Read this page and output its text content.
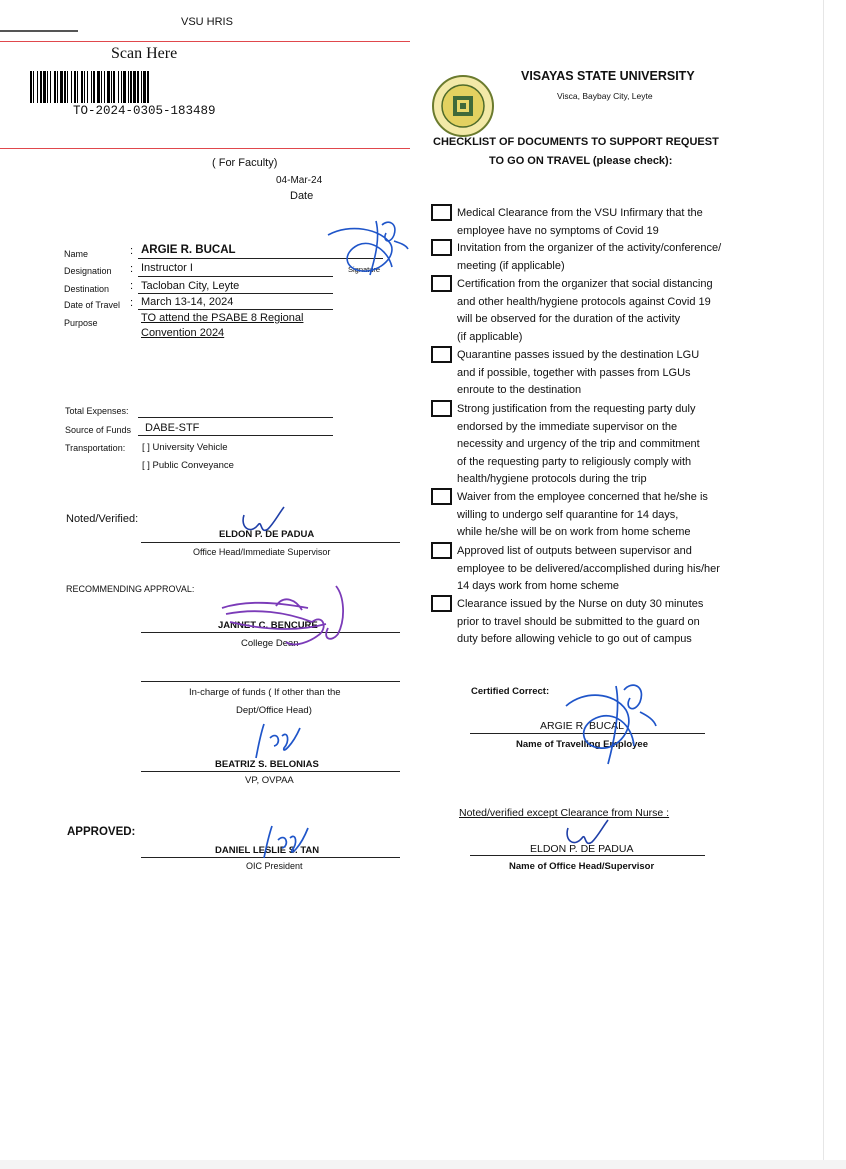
VSU HRIS
Scan Here
TO-2024-0305-183489
VISAYAS STATE UNIVERSITY
Visca, Baybay City, Leyte
CHECKLIST OF DOCUMENTS TO SUPPORT REQUEST
TO GO ON TRAVEL (please check):
( For Faculty)
04-Mar-24
Date
Name
Designation
Destination
Date of Travel
Purpose
:
:
:
:
ARGIE R. BUCAL
Instructor I
Tacloban City, Leyte
March 13-14, 2024
TO attend the PSABE 8 Regional
Convention 2024
Signature
Total Expenses:
Source of Funds DABE-STF
Transportation: [ ] University Vehicle
[ ] Public Conveyance
Noted/Verified:
ELDON P. DE PADUA
Office Head/Immediate Supervisor
RECOMMENDING APPROVAL:
JANNET C. BENCURE
College Dean
In-charge of funds ( If other than the
Dept/Office Head)
BEATRIZ S. BELONIAS
VP, OVPAA
APPROVED:
DANIEL LESLIE S. TAN
OIC President
Medical Clearance from the VSU Infirmary that the
employee have no symptoms of Covid 19
Invitation from the organizer of the activity/conference/
meeting (if applicable)
Certification from the organizer that social distancing
and other health/hygiene protocols against Covid 19
will be observed for the duration of the activity
(if applicable)
Quarantine passes issued by the destination LGU
and if possible, together with passes from LGUs
enroute to the destination
Strong justification from the requesting party duly
endorsed by the immediate supervisor on the
necessity and urgency of the trip and commitment
of the requesting party to religiously comply with
health/hygiene protocols during the trip
Waiver from the employee concerned that he/she is
willing to undergo self quarantine for 14 days,
while he/she will be on work from home scheme
Approved list of outputs between supervisor and
employee to be delivered/accomplished during his/her
14 days work from home scheme
Clearance issued by the Nurse on duty 30 minutes
prior to travel should be submitted to the guard on
duty before allowing vehicle to go out of campus
Certified Correct:
ARGIE R. BUCAL
Name of Travelling Employee
Noted/verified except Clearance from Nurse :
ELDON P. DE PADUA
Name of Office Head/Supervisor
